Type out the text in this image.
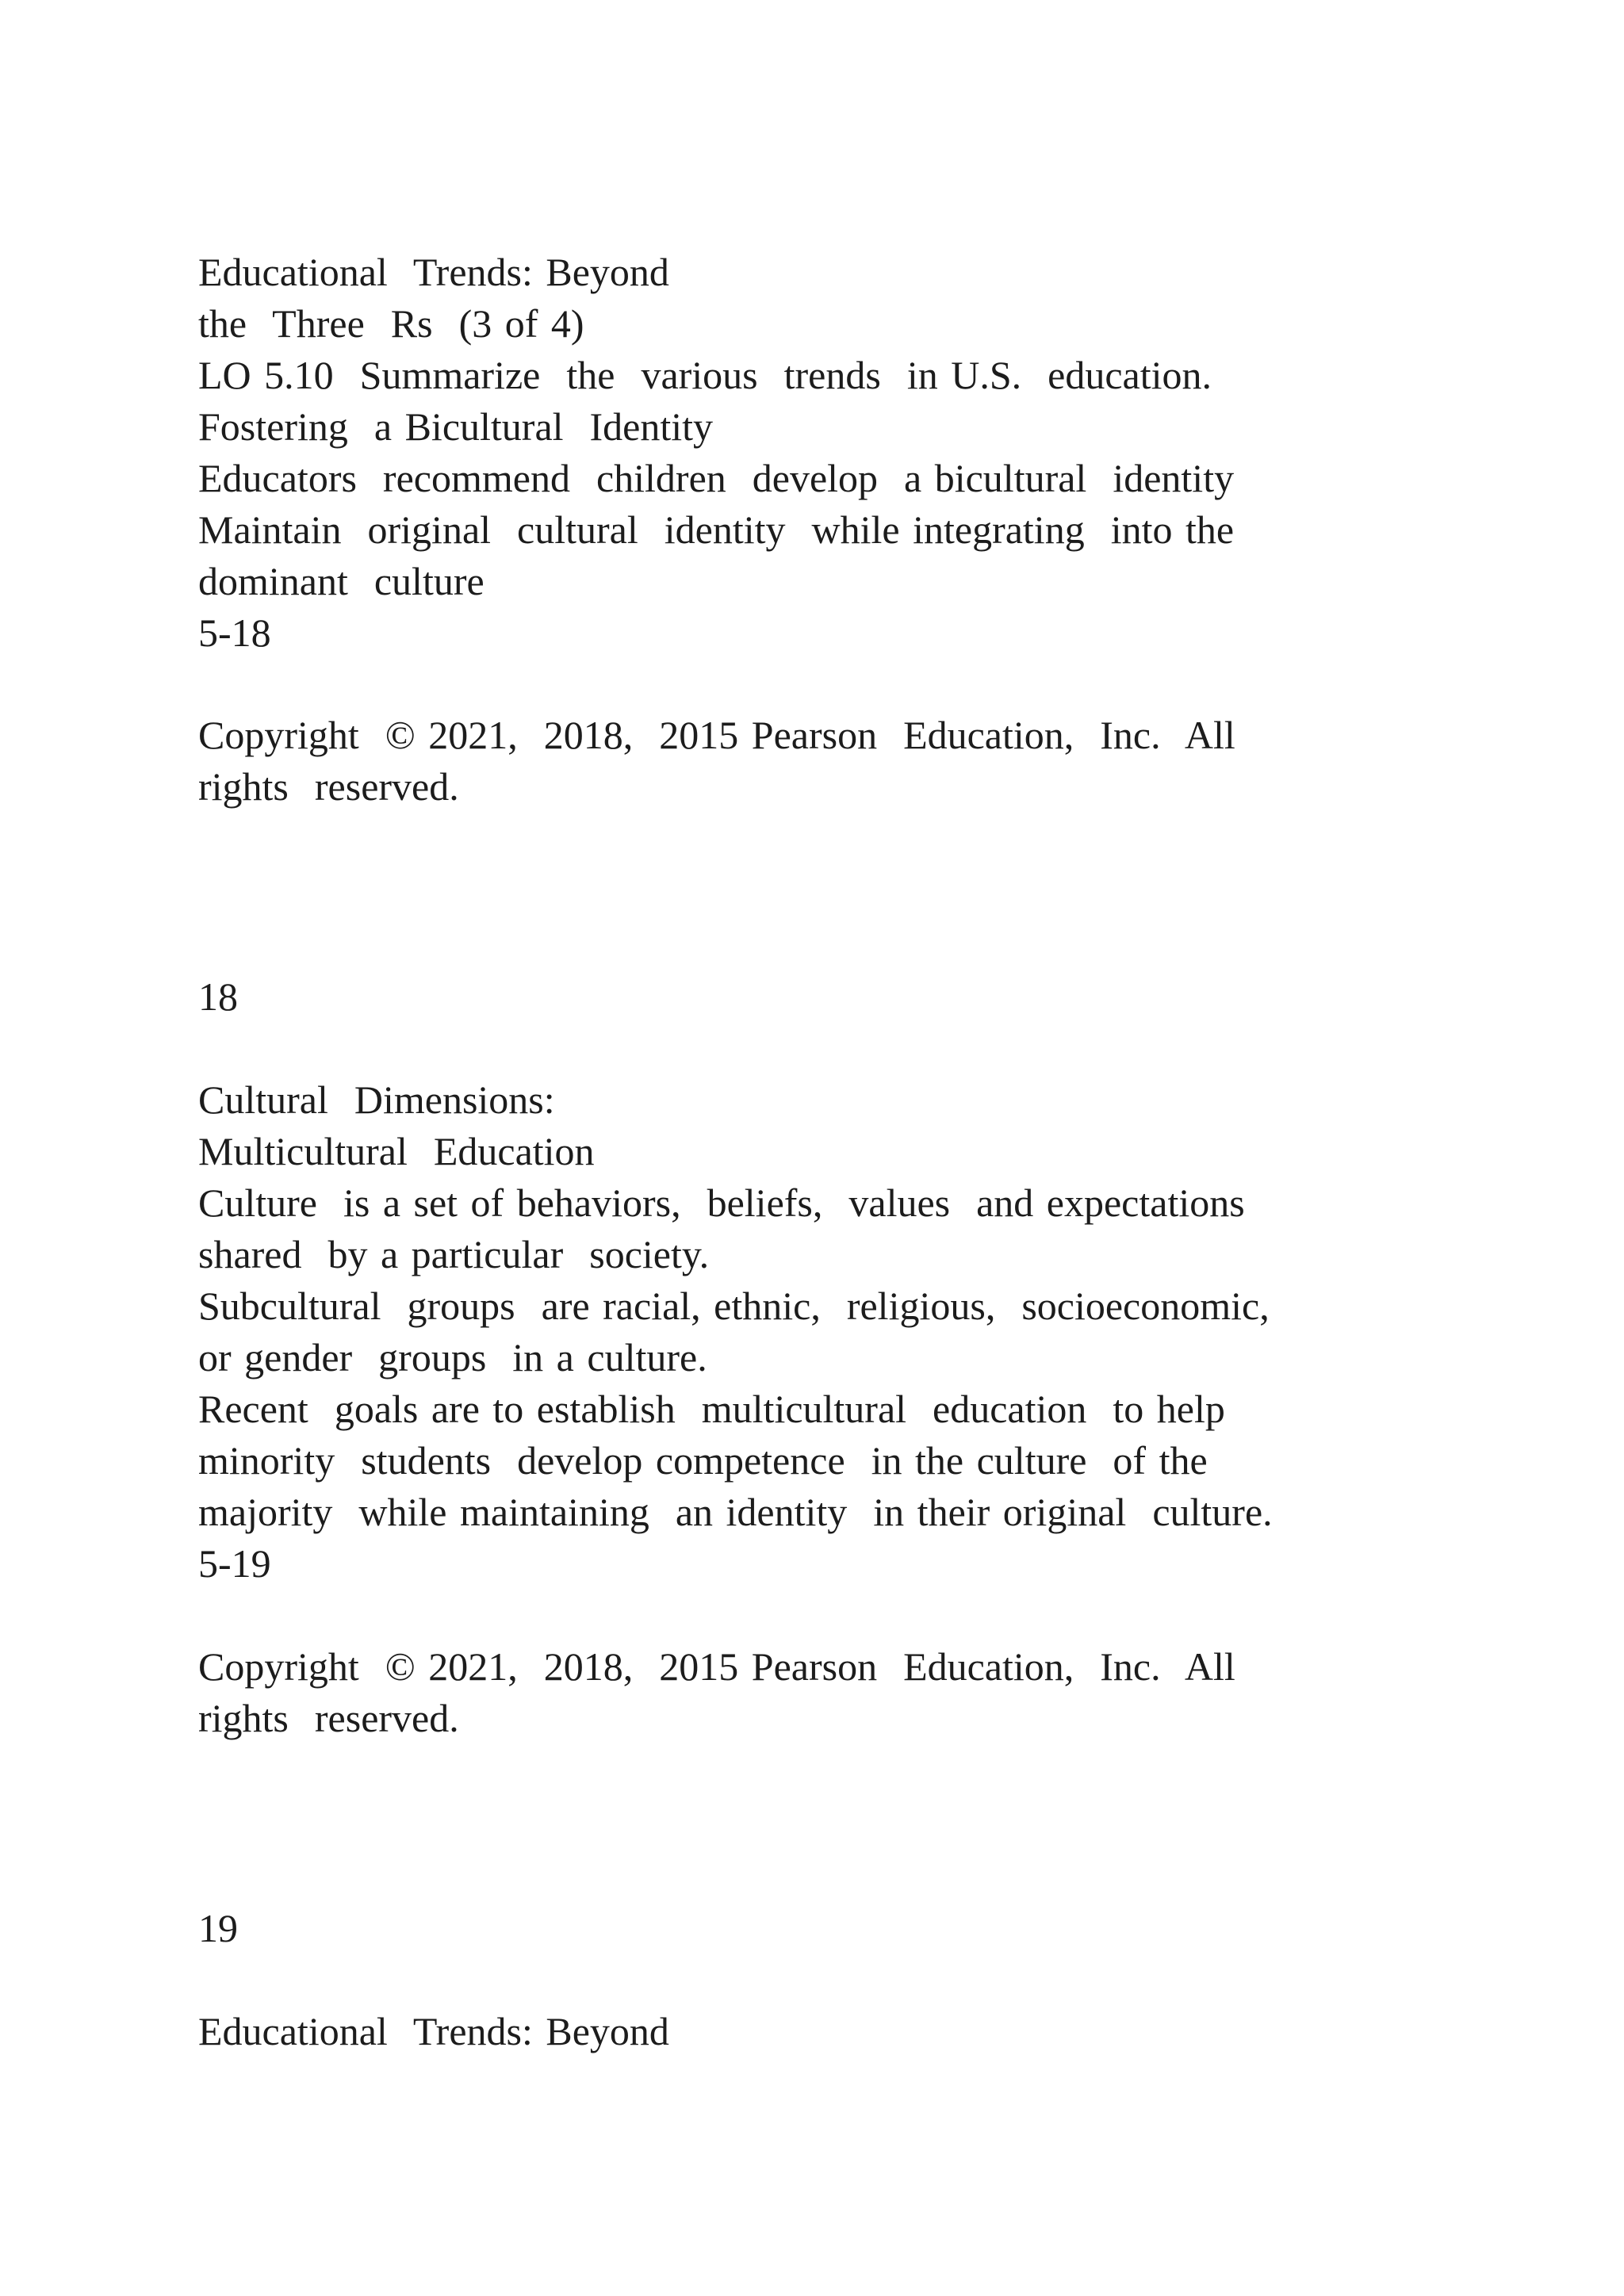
Educational  Trends: Beyond

the  Three  Rs  (3 of 4)

LO 5.10  Summarize  the  various  trends  in U.S.  education.

Fostering  a Bicultural  Identity

Educators  recommend  children  develop  a bicultural  identity

Maintain  original  cultural  identity  while integrating  into the

dominant  culture

5-18

Copyright  © 2021,  2018,  2015 Pearson  Education,  Inc.  All

rights  reserved.

18

Cultural  Dimensions:

Multicultural  Education

Culture  is a set of behaviors,  beliefs,  values  and expectations

shared  by a particular  society.

Subcultural  groups  are racial, ethnic,  religious,  socioeconomic,

or gender  groups  in a culture.

Recent  goals are to establish  multicultural  education  to help

minority  students  develop competence  in the culture  of the

majority  while maintaining  an identity  in their original  culture.

5-19

Copyright  © 2021,  2018,  2015 Pearson  Education,  Inc.  All

rights  reserved.

19

Educational  Trends: Beyond
